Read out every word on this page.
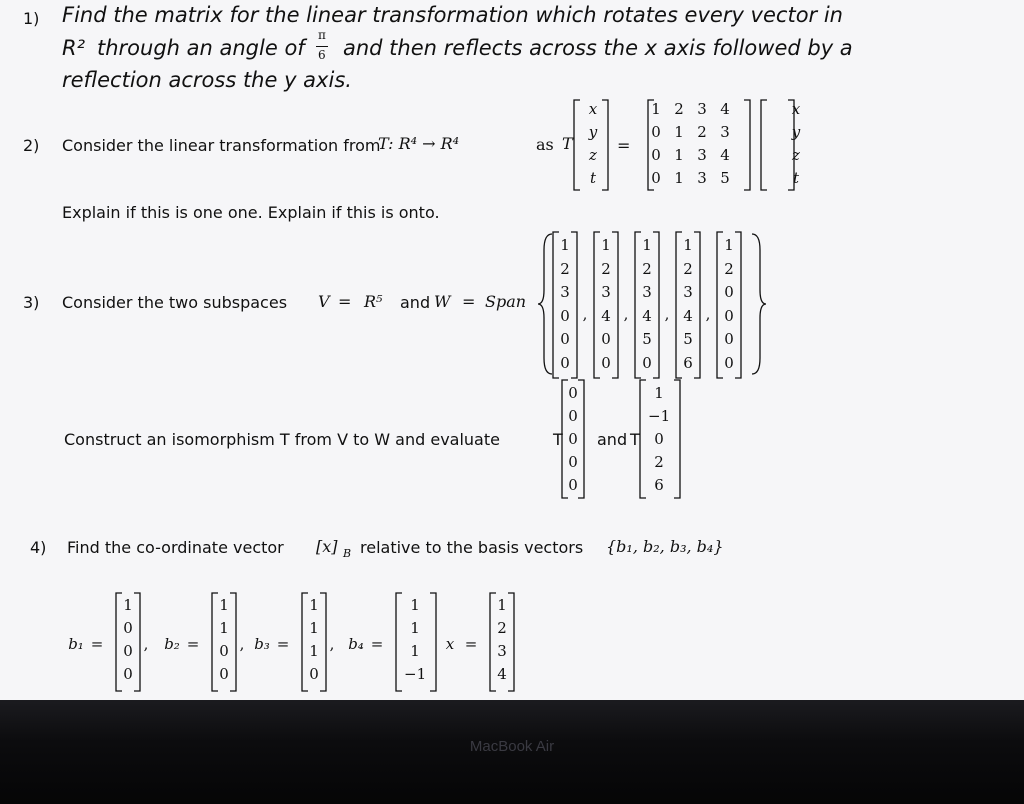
1) Find the matrix for the linear transformation which rotates every vector in
R² through an angle of
π
6 and then reflects across the x axis followed by a
reflection across the y axis.
2) Consider the linear transformation from
T: R⁴ → R⁴	as T
x
y
z
t
=
1 2 3 4
0 1 2 3
0 1 3 4
0 1 3 5
x
y
z
t
Explain if this is one one. Explain if this is onto.
3) Consider the two subspaces V = R⁵ and W = Span
1
2
3
0
0
0
,
1
2
3
4
0
0
,
1
2
3
4
5
0
,
1
2
3
4
5
6
,
1
2
0
0
0
0
Construct an isomorphism T from V to W and evaluate	T and T
0
0
0
0
0
1
−1
0
2
6
4) Find the co-ordinate vector [x] B relative to the basis vectors {b₁, b₂, b₃, b₄}
b₁ =
1
0
0
0
, b₂ =
1
1
0
0
, b₃ =
1
1
1
0
, b₄ =
1
1
1
−1
x =
1
2
3
4
MacBook Air
